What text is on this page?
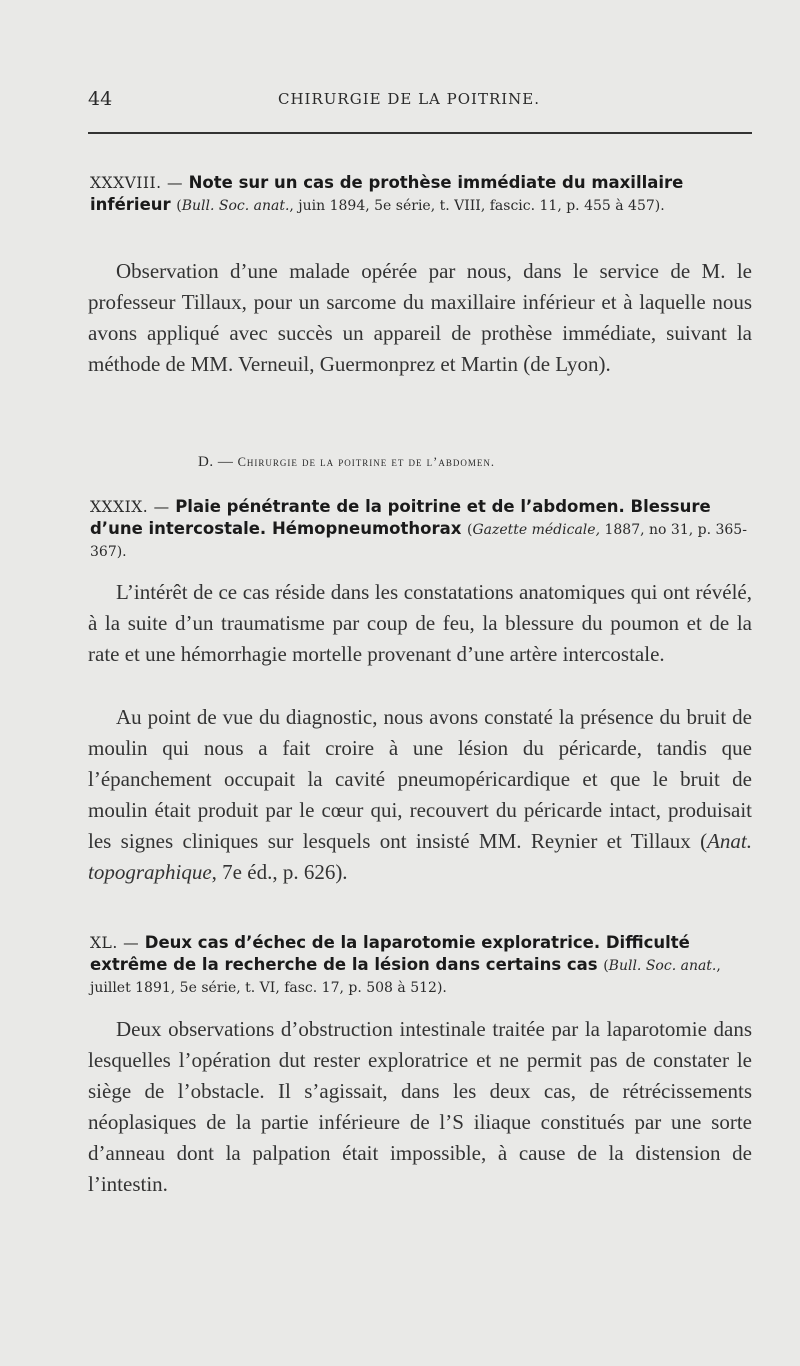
44	CHIRURGIE DE LA POITRINE.
XXXVIII. — Note sur un cas de prothèse immédiate du maxillaire inférieur (Bull. Soc. anat., juin 1894, 5e série, t. VIII, fascic. 11, p. 455 à 457).
Observation d’une malade opérée par nous, dans le service de M. le professeur Tillaux, pour un sarcome du maxillaire inférieur et à laquelle nous avons appliqué avec succès un appareil de prothèse immédiate, suivant la méthode de MM. Verneuil, Guermonprez et Martin (de Lyon).
D. — Chirurgie de la poitrine et de l’abdomen.
XXXIX. — Plaie pénétrante de la poitrine et de l’abdomen. Blessure d’une intercostale. Hémopneumothorax (Gazette médicale, 1887, no 31, p. 365-367).
L’intérêt de ce cas réside dans les constatations anatomiques qui ont révélé, à la suite d’un traumatisme par coup de feu, la blessure du poumon et de la rate et une hémorrhagie mortelle provenant d’une artère intercostale.
Au point de vue du diagnostic, nous avons constaté la présence du bruit de moulin qui nous a fait croire à une lésion du péricarde, tandis que l’épanchement occupait la cavité pneumopéricardique et que le bruit de moulin était produit par le cœur qui, recouvert du péricarde intact, produisait les signes cliniques sur lesquels ont insisté MM. Reynier et Tillaux (Anat. topographique, 7e éd., p. 626).
XL. — Deux cas d’échec de la laparotomie exploratrice. Difficulté extrême de la recherche de la lésion dans certains cas (Bull. Soc. anat., juillet 1891, 5e série, t. VI, fasc. 17, p. 508 à 512).
Deux observations d’obstruction intestinale traitée par la laparotomie dans lesquelles l’opération dut rester exploratrice et ne permit pas de constater le siège de l’obstacle. Il s’agissait, dans les deux cas, de rétrécissements néoplasiques de la partie inférieure de l’S iliaque constitués par une sorte d’anneau dont la palpation était impossible, à cause de la distension de l’intestin.
